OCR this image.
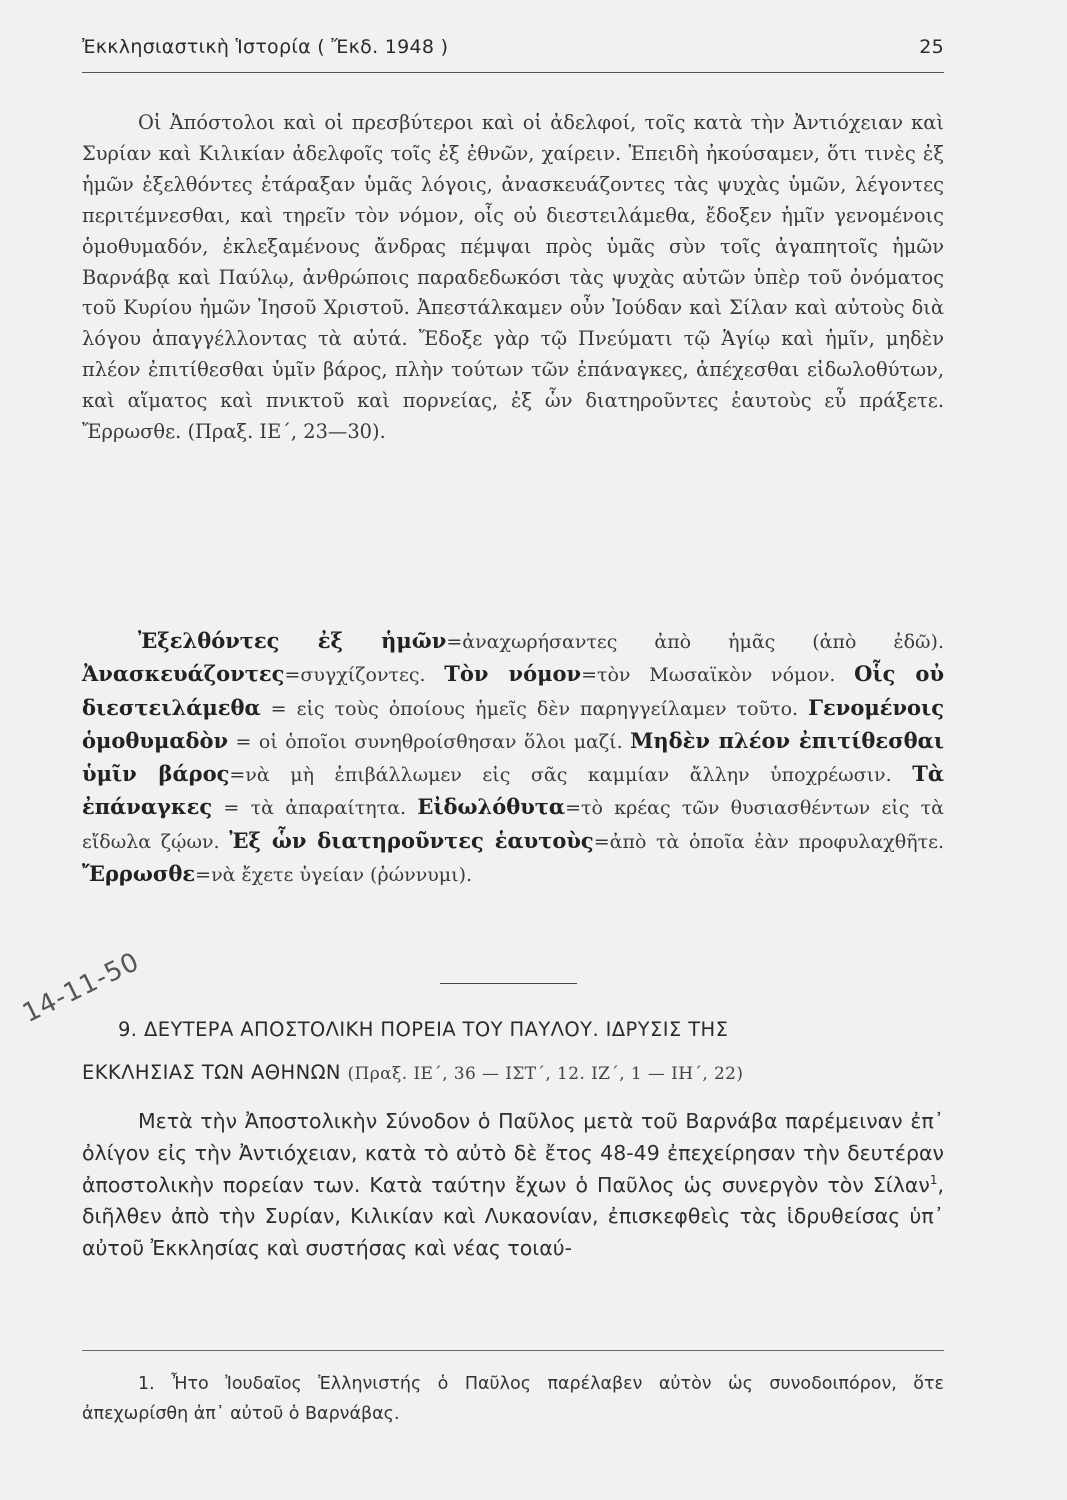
Ἐκκλησιαστικὴ Ἱστορία ( Ἔκδ. 1948 )	25

Οἱ Ἀπόστολοι καὶ οἱ πρεσβύτεροι καὶ οἱ ἀδελφοί, τοῖς κατὰ τὴν Ἀντιόχειαν καὶ Συρίαν καὶ Κιλικίαν ἀδελφοῖς τοῖς ἐξ ἐθνῶν, χαίρειν. Ἐπειδὴ ἠκούσαμεν, ὅτι τινὲς ἐξ ἡμῶν ἐξελθόντες ἐτάραξαν ὑμᾶς λόγοις, ἀνασκευάζοντες τὰς ψυχὰς ὑμῶν, λέγοντες περιτέμνεσθαι, καὶ τηρεῖν τὸν νόμον, οἷς οὐ διεστειλάμεθα, ἔδοξεν ἡμῖν γενομένοις ὁμοθυμαδόν, ἐκλεξαμένους ἄνδρας πέμψαι πρὸς ὑμᾶς σὺν τοῖς ἀγαπητοῖς ἡμῶν Βαρνάβᾳ καὶ Παύλῳ, ἀνθρώποις παραδεδωκόσι τὰς ψυχὰς αὐτῶν ὑπὲρ τοῦ ὀνόματος τοῦ Κυρίου ἡμῶν Ἰησοῦ Χριστοῦ. Ἀπεστάλκαμεν οὖν Ἰούδαν καὶ Σίλαν καὶ αὐτοὺς διὰ λόγου ἀπαγγέλλοντας τὰ αὐτά. Ἔδοξε γὰρ τῷ Πνεύματι τῷ Ἁγίῳ καὶ ἡμῖν, μηδὲν πλέον ἐπιτίθεσθαι ὑμῖν βάρος, πλὴν τούτων τῶν ἐπάναγκες, ἀπέχεσθαι εἰδωλοθύτων, καὶ αἵματος καὶ πνικτοῦ καὶ πορνείας, ἐξ ὧν διατηροῦντες ἑαυτοὺς εὖ πράξετε. Ἔρρωσθε. (Πραξ. ΙΕ΄, 23—30).

Ἐξελθόντες ἐξ ἡμῶν=ἀναχωρήσαντες ἀπὸ ἡμᾶς (ἀπὸ ἐδῶ). Ἀνασκευάζοντες=συγχίζοντες. Τὸν νόμον=τὸν Μωσαϊκὸν νόμον. Οἷς οὐ διεστειλάμεθα = εἰς τοὺς ὁποίους ἡμεῖς δὲν παρηγγείλαμεν τοῦτο. Γενομένοις ὁμοθυμαδὸν = οἱ ὁποῖοι συνηθροίσθησαν ὅλοι μαζί. Μηδὲν πλέον ἐπιτίθεσθαι ὑμῖν βάρος=νὰ μὴ ἐπιβάλλωμεν εἰς σᾶς καμμίαν ἄλλην ὑποχρέωσιν. Τὰ ἐπάναγκες = τὰ ἀπαραίτητα. Εἰδωλόθυτα=τὸ κρέας τῶν θυσιασθέντων εἰς τὰ εἴδωλα ζῴων. Ἐξ ὧν διατηροῦντες ἑαυτοὺς=ἀπὸ τὰ ὁποῖα ἐὰν προφυλαχθῆτε. Ἔρρωσθε=νὰ ἔχετε ὑγείαν (ῥώννυμι).

14-11-50
9. ΔΕΥΤΕΡΑ ΑΠΟΣΤΟΛΙΚΗ ΠΟΡΕΙΑ ΤΟΥ ΠΑΥΛΟΥ. ΙΔΡΥΣΙΣ ΤΗΣ
ΕΚΚΛΗΣΙΑΣ ΤΩΝ ΑΘΗΝΩΝ (Πραξ. ΙΕ΄, 36 — ΙΣΤ΄, 12. ΙΖ΄, 1 — ΙΗ΄, 22)

Μετὰ τὴν Ἀποστολικὴν Σύνοδον ὁ Παῦλος μετὰ τοῦ Βαρνάβα παρέμειναν ἐπ᾽ ὀλίγον εἰς τὴν Ἀντιόχειαν, κατὰ τὸ αὐτὸ δὲ ἔτος 48-49 ἐπεχείρησαν τὴν δευτέραν ἀποστολικὴν πορείαν των. Κατὰ ταύτην ἔχων ὁ Παῦλος ὡς συνεργὸν τὸν Σίλαν$^1$, διῆλθεν ἀπὸ τὴν Συρίαν, Κιλικίαν καὶ Λυκαονίαν, ἐπισκεφθεὶς τὰς ἱδρυθείσας ὑπ᾽ αὐτοῦ Ἐκκλησίας καὶ συστήσας καὶ νέας τοιαύ-

1. Ἦτο Ἰουδαῖος Ἑλληνιστής ὁ Παῦλος παρέλαβεν αὐτὸν ὡς συνοδοιπόρον, ὅτε ἀπεχωρίσθη ἀπ᾽ αὐτοῦ ὁ Βαρνάβας.
